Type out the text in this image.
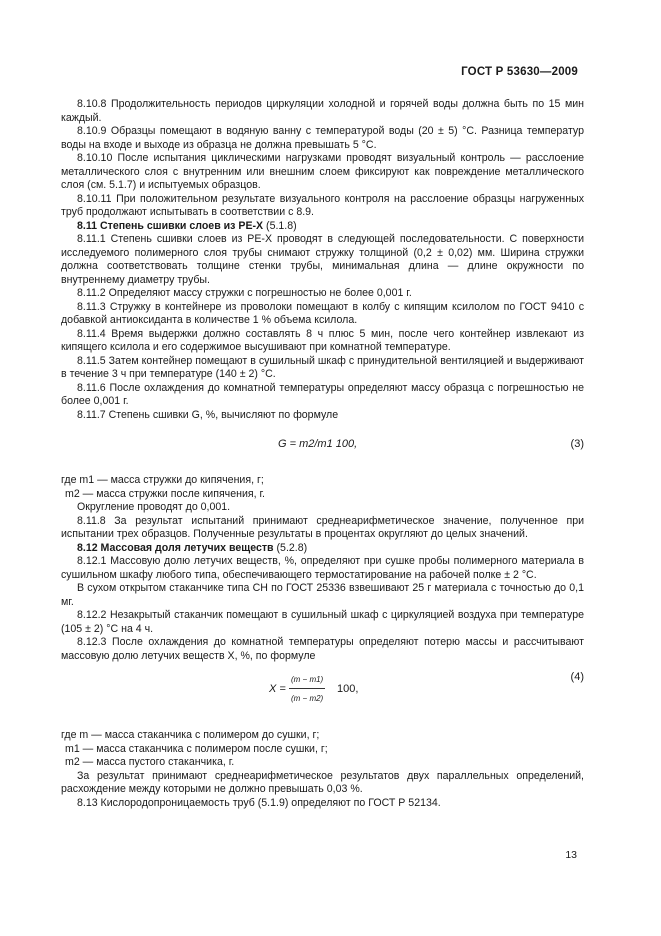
ГОСТ Р 53630—2009

8.10.8 Продолжительность периодов циркуляции холодной и горячей воды должна быть по 15 мин каждый.

8.10.9 Образцы помещают в водяную ванну с температурой воды (20 ± 5) °С. Разница температур воды на входе и выходе из образца не должна превышать 5 °С.

8.10.10 После испытания циклическими нагрузками проводят визуальный контроль — расслоение металлического слоя с внутренним или внешним слоем фиксируют как повреждение металлического слоя (см. 5.1.7) и испытуемых образцов.

8.10.11 При положительном результате визуального контроля на расслоение образцы нагруженных труб продолжают испытывать в соответствии с 8.9.

8.11 Степень сшивки слоев из PE-X (5.1.8)

8.11.1 Степень сшивки слоев из PE-X проводят в следующей последовательности. С поверхности исследуемого полимерного слоя трубы снимают стружку толщиной (0,2 ± 0,02) мм. Ширина стружки должна соответствовать толщине стенки трубы, минимальная длина — длине окружности по внутреннему диаметру трубы.

8.11.2 Определяют массу стружки с погрешностью не более 0,001 г.

8.11.3 Стружку в контейнере из проволоки помещают в колбу с кипящим ксилолом по ГОСТ 9410 с добавкой антиоксиданта в количестве 1 % объема ксилола.

8.11.4 Время выдержки должно составлять 8 ч плюс 5 мин, после чего контейнер извлекают из кипящего ксилола и его содержимое высушивают при комнатной температуре.

8.11.5 Затем контейнер помещают в сушильный шкаф с принудительной вентиляцией и выдерживают в течение 3 ч при температуре (140 ± 2) °С.

8.11.6 После охлаждения до комнатной температуры определяют массу образца с погрешностью не более 0,001 г.

8.11.7 Степень сшивки G, %, вычисляют по формуле

G = m2/m1 100,	(3)

где m1 — масса стружки до кипячения, г;

m2 — масса стружки после кипячения, г.

Округление проводят до 0,001.

8.11.8 За результат испытаний принимают среднеарифметическое значение, полученное при испытании трех образцов. Полученные результаты в процентах округляют до целых значений.

8.12 Массовая доля летучих веществ (5.2.8)

8.12.1 Массовую долю летучих веществ, %, определяют при сушке пробы полимерного материала в сушильном шкафу любого типа, обеспечивающего термостатирование на рабочей полке ± 2 °С.

В сухом открытом стаканчике типа СН по ГОСТ 25336 взвешивают 25 г материала с точностью до 0,1 мг.

8.12.2 Незакрытый стаканчик помещают в сушильный шкаф с циркуляцией воздуха при температуре (105 ± 2) °С на 4 ч.

8.12.3 После охлаждения до комнатной температуры определяют потерю массы и рассчитывают массовую долю летучих веществ X, %, по формуле

$X = \frac{(m - m1)}{(m - m2)} 100$,
(4)

где m — масса стаканчика с полимером до сушки, г;

m1 — масса стаканчика с полимером после сушки, г;

m2 — масса пустого стаканчика, г.

За результат принимают среднеарифметическое результатов двух параллельных определений, расхождение между которыми не должно превышать 0,03 %.

8.13 Кислородопроницаемость труб (5.1.9) определяют по ГОСТ Р 52134.

13
